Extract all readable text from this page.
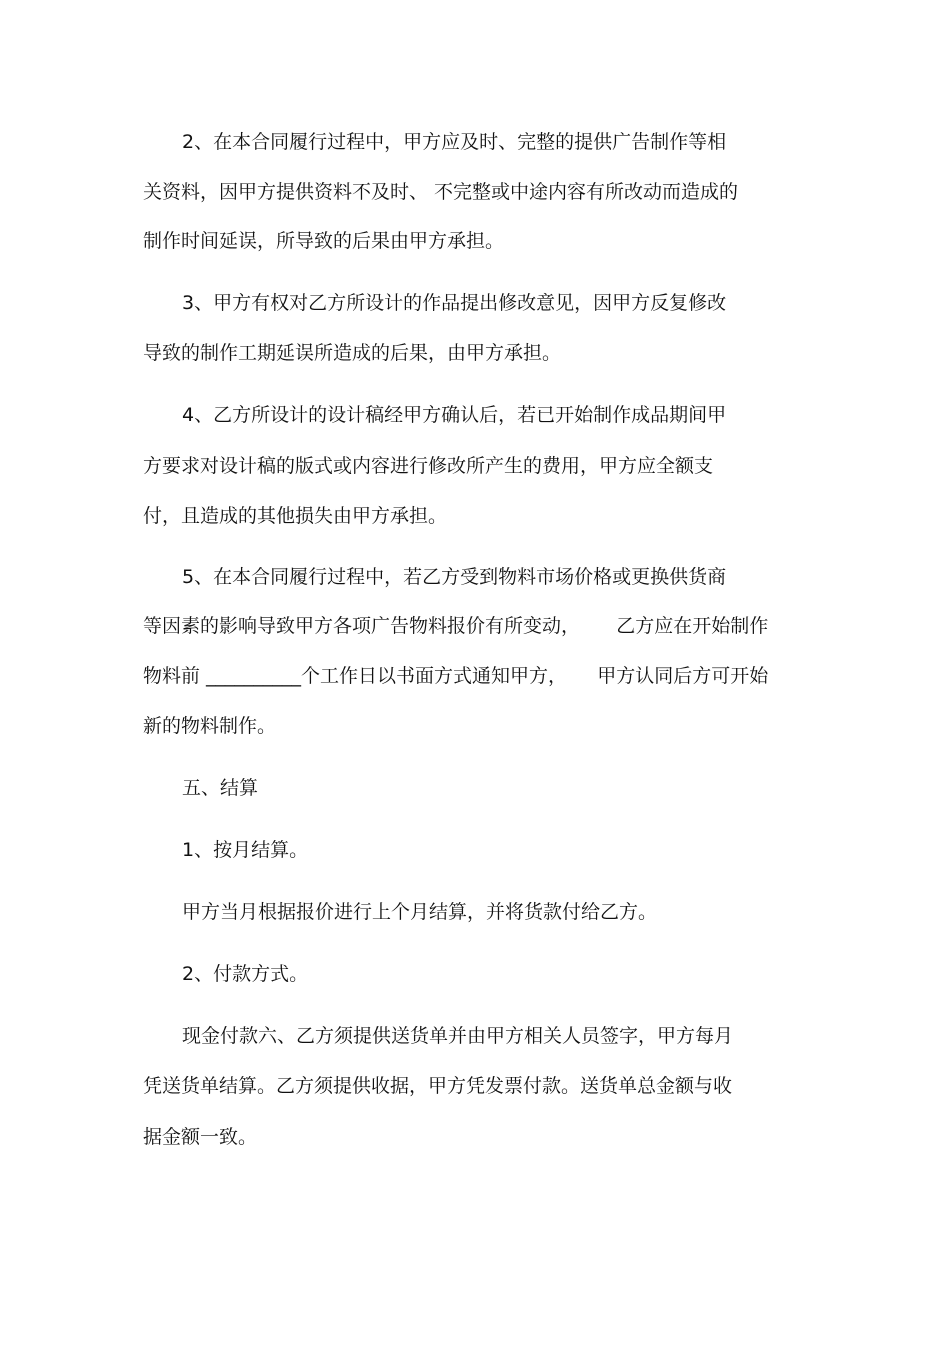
2、在本合同履行过程中，甲方应及时、完整的提供广告制作等相
关资料，因甲方提供资料不及时、 不完整或中途内容有所改动而造成的
制作时间延误，所导致的后果由甲方承担。
3、甲方有权对乙方所设计的作品提出修改意见，因甲方反复修改
导致的制作工期延误所造成的后果，由甲方承担。
4、乙方所设计的设计稿经甲方确认后，若已开始制作成品期间甲
方要求对设计稿的版式或内容进行修改所产生的费用，甲方应全额支
付，且造成的其他损失由甲方承担。
5、在本合同履行过程中，若乙方受到物料市场价格或更换供货商
等因素的影响导致甲方各项广告物料报价有所变动，      乙方应在开始制作
物料前 __________个工作日以书面方式通知甲方，     甲方认同后方可开始
新的物料制作。
五、结算
1、按月结算。
甲方当月根据报价进行上个月结算，并将货款付给乙方。
2、付款方式。
现金付款六、乙方须提供送货单并由甲方相关人员签字，甲方每月
凭送货单结算。乙方须提供收据，甲方凭发票付款。送货单总金额与收
据金额一致。
